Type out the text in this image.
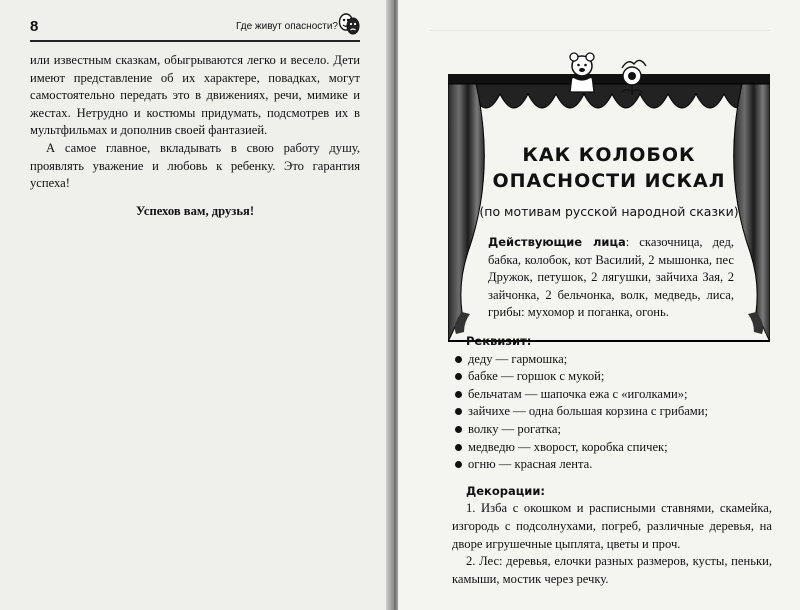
8	Где живут опасности?

или известным сказкам, обыгрываются легко и весело. Дети имеют представление об их характере, повадках, могут самостоятельно передать это в движениях, речи, мимике и жестах. Нетрудно и костюмы придумать, подсмотрев их в мультфильмах и дополнив своей фантазией.

А самое главное, вкладывать в свою работу душу, проявлять уважение и любовь к ребенку. Это гарантия успеха!

Успехов вам, друзья!

КАК КОЛОБОК
ОПАСНОСТИ ИСКАЛ
(по мотивам русской народной сказки)
Действующие лица: сказочница, дед, бабка, колобок, кот Василий, 2 мышонка, пес Дружок, петушок, 2 лягушки, зайчиха Зая, 2 зайчонка, 2 бельчонка, волк, медведь, лиса, грибы: мухомор и поганка, огонь.

Реквизит:

деду — гармошка;
бабке — горшок с мукой;
бельчатам — шапочка ежа с «иголками»;
зайчихе — одна большая корзина с грибами;
волку — рогатка;
медведю — хворост, коробка спичек;
огню — красная лента.

Декорации:

1. Изба с окошком и расписными ставнями, скамейка, изгородь с подсолнухами, погреб, различные деревья, на дворе игрушечные цыплята, цветы и проч.

2. Лес: деревья, елочки разных размеров, кусты, пеньки, камыши, мостик через речку.
